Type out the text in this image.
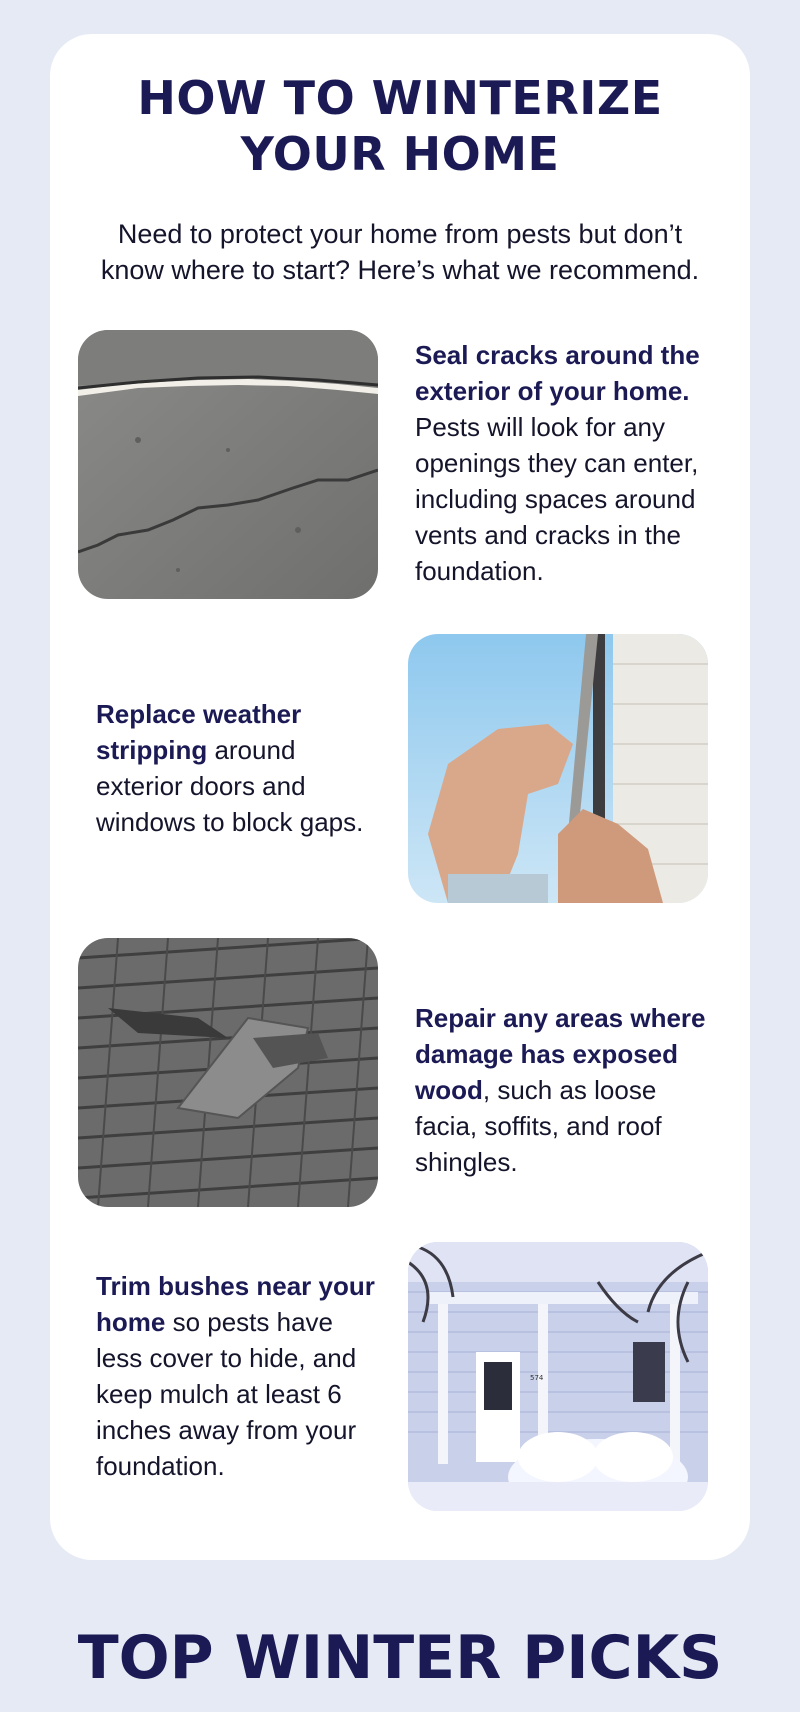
HOW TO WINTERIZE
YOUR HOME

Need to protect your home from pests but don’t know where to start? Here’s what we recommend.

Seal cracks around the exterior of your home. Pests will look for any openings they can enter, including spaces around vents and cracks in the foundation.

Replace weather stripping around exterior doors and windows to block gaps.

Repair any areas where damage has exposed wood, such as loose facia, soffits, and roof shingles.

Trim bushes near your home so pests have less cover to hide, and keep mulch at least 6 inches away from your foundation.

574
TOP WINTER PICKS
